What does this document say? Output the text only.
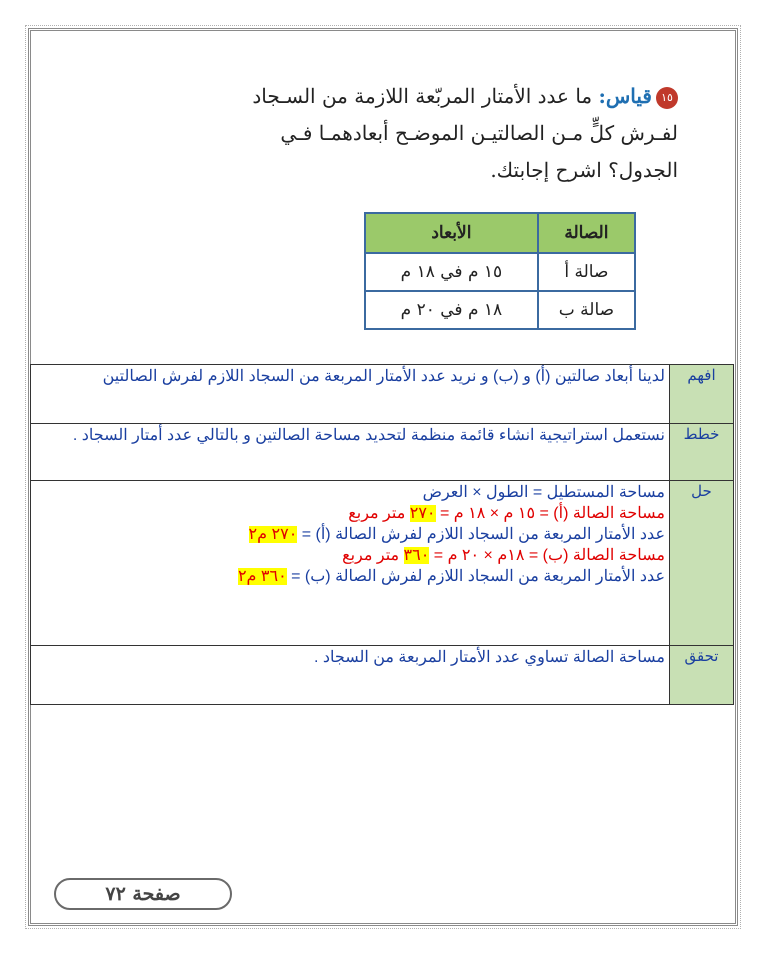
١٥قياس: ما عدد الأمتار المربّعة اللازمة من السـجاد
لفـرش كلٍّ مـن الصالتيـن الموضـح أبعادهمـا فـي
الجدول؟ اشرح إجابتك.
الصالة	الأبعاد
صالة أ	١٥ م في ١٨ م
صالة ب	١٨ م في ٢٠ م
افهم	لدينا أبعاد صالتين (أ) و (ب) و نريد عدد الأمتار المربعة من السجاد اللازم لفرش الصالتين
خطط	نستعمل استراتيجية انشاء قائمة منظمة لتحديد مساحة الصالتين و بالتالي عدد أمتار السجاد .
حل	مساحة المستطيل = الطول × العرض
مساحة الصالة (أ) = ١٥ م × ١٨ م = ٢٧٠ متر مربع
عدد الأمتار المربعة من السجاد اللازم لفرش الصالة (أ) = ٢٧٠ م٢
مساحة الصالة (ب) = ١٨م × ٢٠ م = ٣٦٠ متر مربع
عدد الأمتار المربعة من السجاد اللازم لفرش الصالة (ب) = ٣٦٠ م٢

تحقق	مساحة الصالة تساوي عدد الأمتار المربعة من السجاد .
صفحة ٧٢
